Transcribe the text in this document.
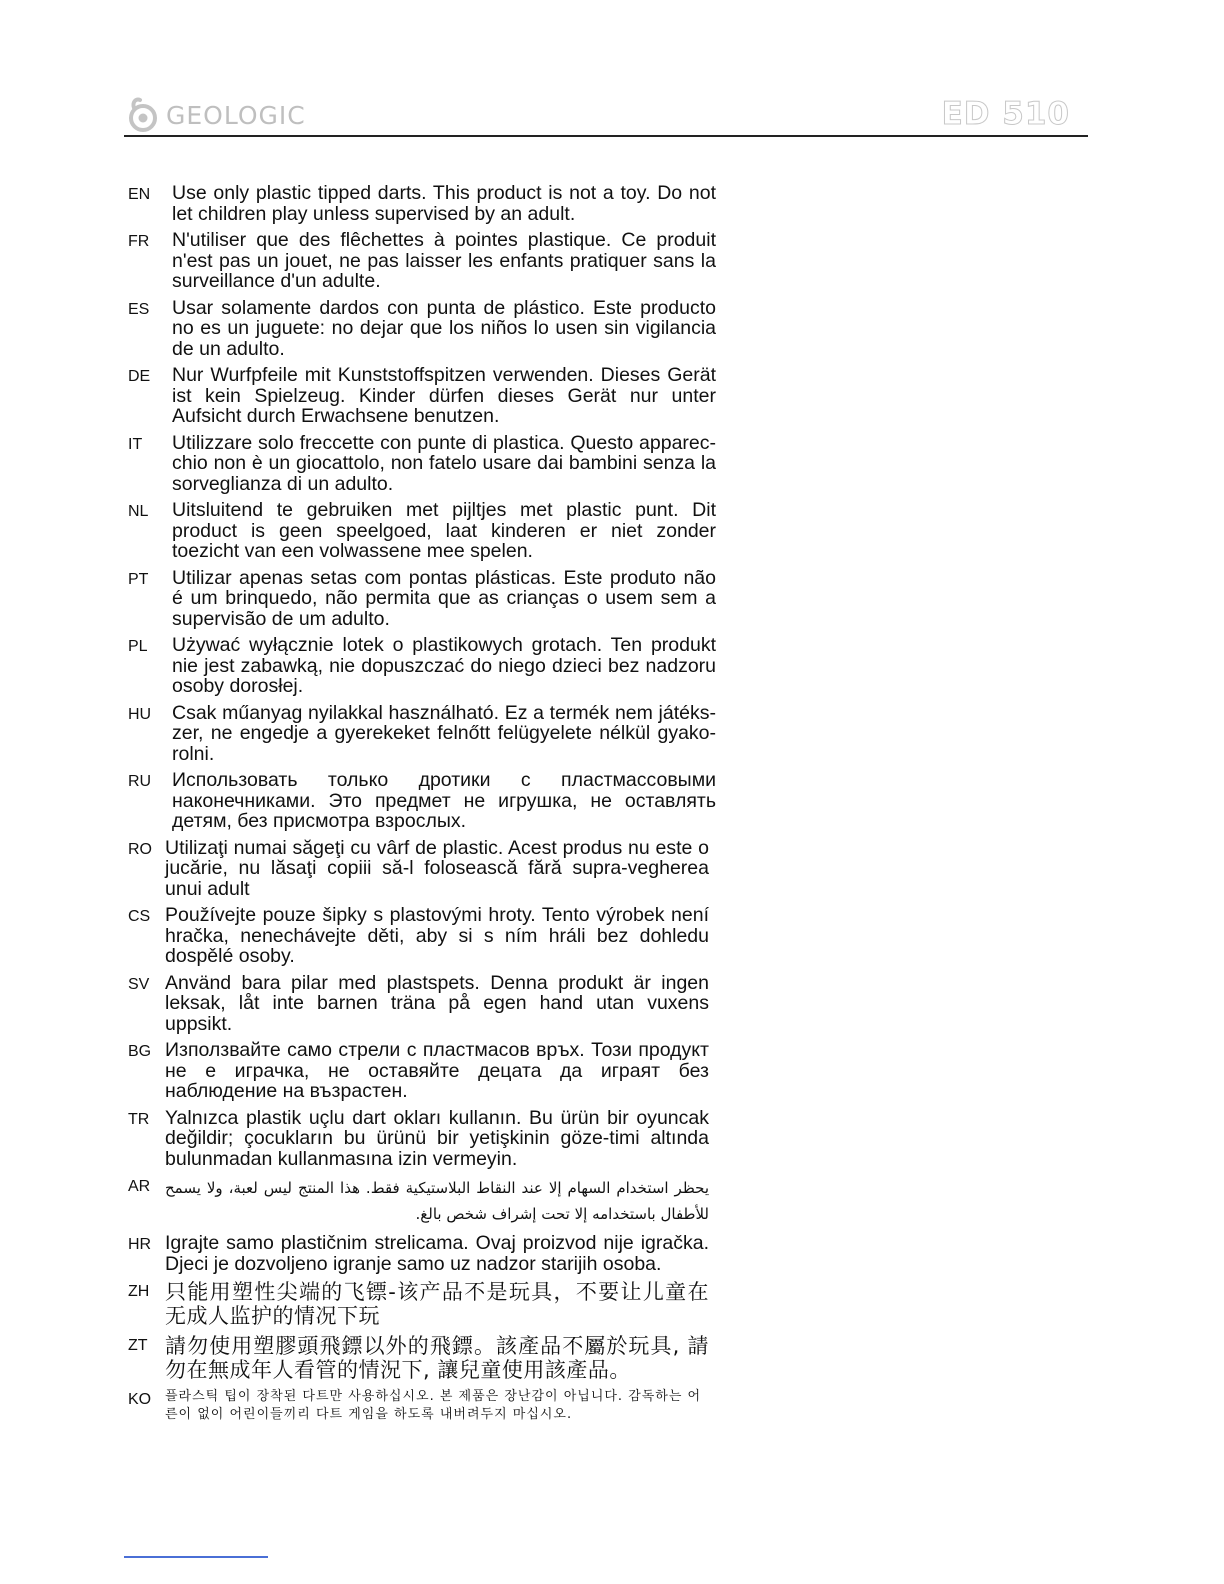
GEOLOGIC	ED 510
EN	Use only plastic tipped darts. This product is not a toy. Do not let children play unless supervised by an adult.
FR	N'utiliser que des flêchettes à pointes plastique. Ce produit n'est pas un jouet, ne pas laisser les enfants pratiquer sans la surveillance d'un adulte.
ES	Usar solamente dardos con punta de plástico. Este producto no es un juguete: no dejar que los niños lo usen sin vigilancia de un adulto.
DE	Nur Wurfpfeile mit Kunststoffspitzen verwenden. Dieses Gerät ist kein Spielzeug. Kinder dürfen dieses Gerät nur unter Aufsicht durch Erwachsene benutzen.
IT	Utilizzare solo freccette con punte di plastica. Questo apparec-chio non è un giocattolo, non fatelo usare dai bambini senza la sorveglianza di un adulto.
NL	Uitsluitend te gebruiken met pijltjes met plastic punt. Dit product is geen speelgoed, laat kinderen er niet zonder toezicht van een volwassene mee spelen.
PT	Utilizar apenas setas com pontas plásticas. Este produto não é um brinquedo, não permita que as crianças o usem sem a supervisão de um adulto.
PL	Używać wyłącznie lotek o plastikowych grotach. Ten produkt nie jest zabawką, nie dopuszczać do niego dzieci bez nadzoru osoby dorosłej.
HU	Csak műanyag nyilakkal használható. Ez a termék nem játéks-zer, ne engedje a gyerekeket felnőtt felügyelete nélkül gyako-rolni.
RU	Использовать только дротики с пластмассовыми наконечниками. Это предмет не игрушка, не оставлять детям, без присмотра взрослых.
RO Utilizaţi numai săgeţi cu vârf de plastic. Acest produs nu este o jucărie, nu lăsaţi copiii să-l folosească fără supra-vegherea unui adult
CS Používejte pouze šipky s plastovými hroty. Tento výrobek není hračka, nenechávejte děti, aby si s ním hráli bez dohledu dospělé osoby.
SV Använd bara pilar med plastspets. Denna produkt är ingen leksak, låt inte barnen träna på egen hand utan vuxens uppsikt.
BG Използвайте само стрели с пластмасов връх. Този продукт не е играчка, не оставяйте децата да играят без наблюдение на възрастен.
TR Yalnızca plastik uçlu dart okları kullanın. Bu ürün bir oyuncak değildir; çocukların bu ürünü bir yetişkinin göze-timi altında bulunmadan kullanmasına izin vermeyin.
AR يحظر استخدام السهام إلا عند النقاط البلاستيكية فقط. هذا المنتج ليس لعبة، ولا يسمح للأطفال باستخدامه إلا تحت إشراف شخص بالغ.
HR Igrajte samo plastičnim strelicama. Ovaj proizvod nije igračka. Djeci je dozvoljeno igranje samo uz nadzor starijih osoba.
ZH 只能用塑性尖端的飞镖-该产品不是玩具，不要让儿童在 无成人监护的情况下玩
ZT 請勿使用塑膠頭飛鏢以外的飛鏢。該產品不屬於玩具, 請勿在無成年人看管的情況下, 讓兒童使用該產品。
KO	플라스틱 팁이 장착된 다트만 사용하십시오. 본 제품은 장난감이 아닙니다. 감독하는 어른이 없이 어린이들끼리 다트 게임을 하도록 내버려두지 마십시오.
